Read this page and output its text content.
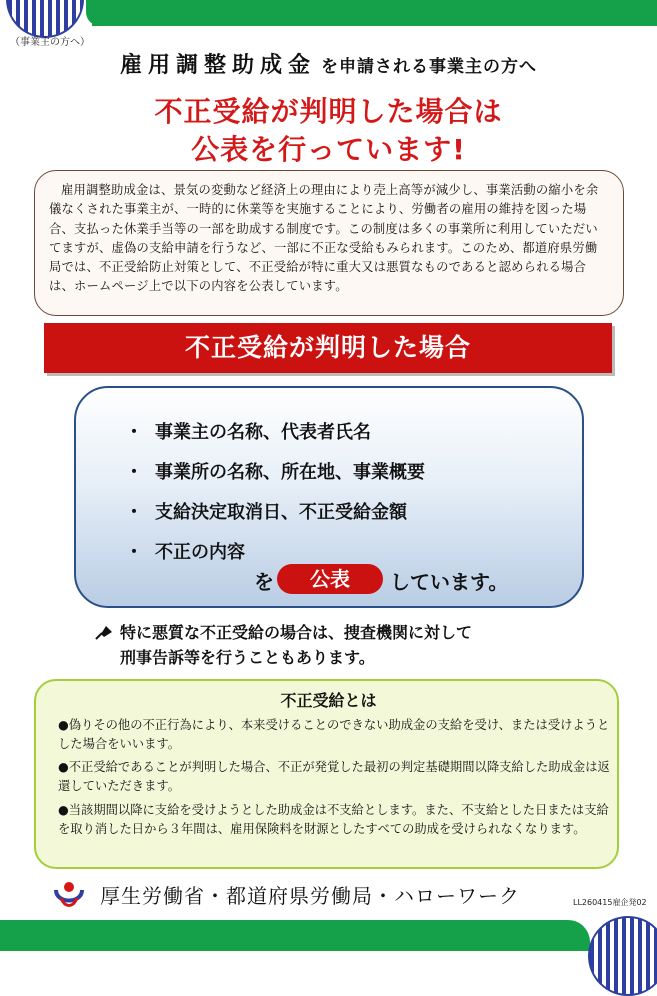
（事業主の方へ）
雇用調整助成金 を申請される事業主の方へ
不正受給が判明した場合は
公表を行っています!
雇用調整助成金は、景気の変動など経済上の理由により売上高等が減少し、事業活動の縮小を余儀なくされた事業主が、一時的に休業等を実施することにより、労働者の雇用の維持を図った場合、支払った休業手当等の一部を助成する制度です。この制度は多くの事業所に利用していただいてますが、虚偽の支給申請を行うなど、一部に不正な受給もみられます。このため、都道府県労働局では、不正受給防止対策として、不正受給が特に重大又は悪質なものであると認められる場合は、ホームページ上で以下の内容を公表しています。
不正受給が判明した場合
・ 事業主の名称、代表者氏名
・ 事業所の名称、所在地、事業概要
・ 支給決定取消日、不正受給金額
・ 不正の内容
を	公表	しています。
特に悪質な不正受給の場合は、捜査機関に対して
刑事告訴等を行うこともあります。
不正受給とは
●偽りその他の不正行為により、本来受けることのできない助成金の支給を受け、または受けようとした場合をいいます。
●不正受給であることが判明した場合、不正が発覚した最初の判定基礎期間以降支給した助成金は返還していただきます。
●当該期間以降に支給を受けようとした助成金は不支給とします。また、不支給とした日または支給を取り消した日から３年間は、雇用保険料を財源としたすべての助成を受けられなくなります。
厚生労働省・都道府県労働局・ハローワーク	LL260415雇企発02
